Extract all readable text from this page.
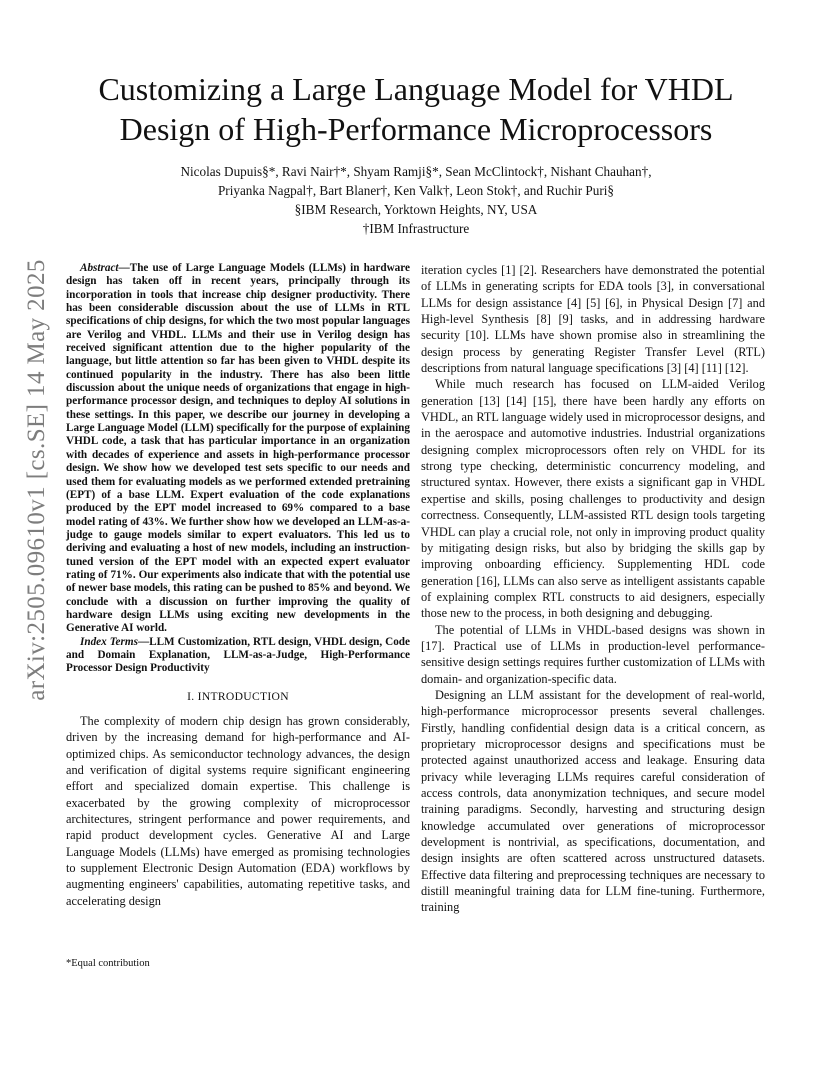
arXiv:2505.09610v1 [cs.SE] 14 May 2025
Customizing a Large Language Model for VHDL
Design of High-Performance Microprocessors
Nicolas Dupuis§*, Ravi Nair†*, Shyam Ramji§*, Sean McClintock†, Nishant Chauhan†,
Priyanka Nagpal†, Bart Blaner†, Ken Valk†, Leon Stok†, and Ruchir Puri§
§IBM Research, Yorktown Heights, NY, USA
†IBM Infrastructure

Abstract—The use of Large Language Models (LLMs) in hardware design has taken off in recent years, principally through its incorporation in tools that increase chip designer productivity. There has been considerable discussion about the use of LLMs in RTL specifications of chip designs, for which the two most popular languages are Verilog and VHDL. LLMs and their use in Verilog design has received significant attention due to the higher popularity of the language, but little attention so far has been given to VHDL despite its continued popularity in the industry. There has also been little discussion about the unique needs of organizations that engage in high-performance processor design, and techniques to deploy AI solutions in these settings. In this paper, we describe our journey in developing a Large Language Model (LLM) specifically for the purpose of explaining VHDL code, a task that has particular importance in an organization with decades of experience and assets in high-performance processor design. We show how we developed test sets specific to our needs and used them for evaluating models as we performed extended pretraining (EPT) of a base LLM. Expert evaluation of the code explanations produced by the EPT model increased to 69% compared to a base model rating of 43%. We further show how we developed an LLM-as-a-judge to gauge models similar to expert evaluators. This led us to deriving and evaluating a host of new models, including an instruction-tuned version of the EPT model with an expected expert evaluator rating of 71%. Our experiments also indicate that with the potential use of newer base models, this rating can be pushed to 85% and beyond. We conclude with a discussion on further improving the quality of hardware design LLMs using exciting new developments in the Generative AI world.

Index Terms—LLM Customization, RTL design, VHDL design, Code and Domain Explanation, LLM-as-a-Judge, High-Performance Processor Design Productivity

I. INTRODUCTION

The complexity of modern chip design has grown considerably, driven by the increasing demand for high-performance and AI-optimized chips. As semiconductor technology advances, the design and verification of digital systems require significant engineering effort and specialized domain expertise. This challenge is exacerbated by the growing complexity of microprocessor architectures, stringent performance and power requirements, and rapid product development cycles. Generative AI and Large Language Models (LLMs) have emerged as promising technologies to supplement Electronic Design Automation (EDA) workflows by augmenting engineers' capabilities, automating repetitive tasks, and accelerating design

*Equal contribution

iteration cycles [1] [2]. Researchers have demonstrated the potential of LLMs in generating scripts for EDA tools [3], in conversational LLMs for design assistance [4] [5] [6], in Physical Design [7] and High-level Synthesis [8] [9] tasks, and in addressing hardware security [10]. LLMs have shown promise also in streamlining the design process by generating Register Transfer Level (RTL) descriptions from natural language specifications [3] [4] [11] [12].

While much research has focused on LLM-aided Verilog generation [13] [14] [15], there have been hardly any efforts on VHDL, an RTL language widely used in microprocessor designs, and in the aerospace and automotive industries. Industrial organizations designing complex microprocessors often rely on VHDL for its strong type checking, deterministic concurrency modeling, and structured syntax. However, there exists a significant gap in VHDL expertise and skills, posing challenges to productivity and design correctness. Consequently, LLM-assisted RTL design tools targeting VHDL can play a crucial role, not only in improving product quality by mitigating design risks, but also by bridging the skills gap by improving onboarding efficiency. Supplementing HDL code generation [16], LLMs can also serve as intelligent assistants capable of explaining complex RTL constructs to aid designers, especially those new to the process, in both designing and debugging.

The potential of LLMs in VHDL-based designs was shown in [17]. Practical use of LLMs in production-level performance-sensitive design settings requires further customization of LLMs with domain- and organization-specific data.

Designing an LLM assistant for the development of real-world, high-performance microprocessor presents several challenges. Firstly, handling confidential design data is a critical concern, as proprietary microprocessor designs and specifications must be protected against unauthorized access and leakage. Ensuring data privacy while leveraging LLMs requires careful consideration of access controls, data anonymization techniques, and secure model training paradigms. Secondly, harvesting and structuring design knowledge accumulated over generations of microprocessor development is nontrivial, as specifications, documentation, and design insights are often scattered across unstructured datasets. Effective data filtering and preprocessing techniques are necessary to distill meaningful training data for LLM fine-tuning. Furthermore, training
